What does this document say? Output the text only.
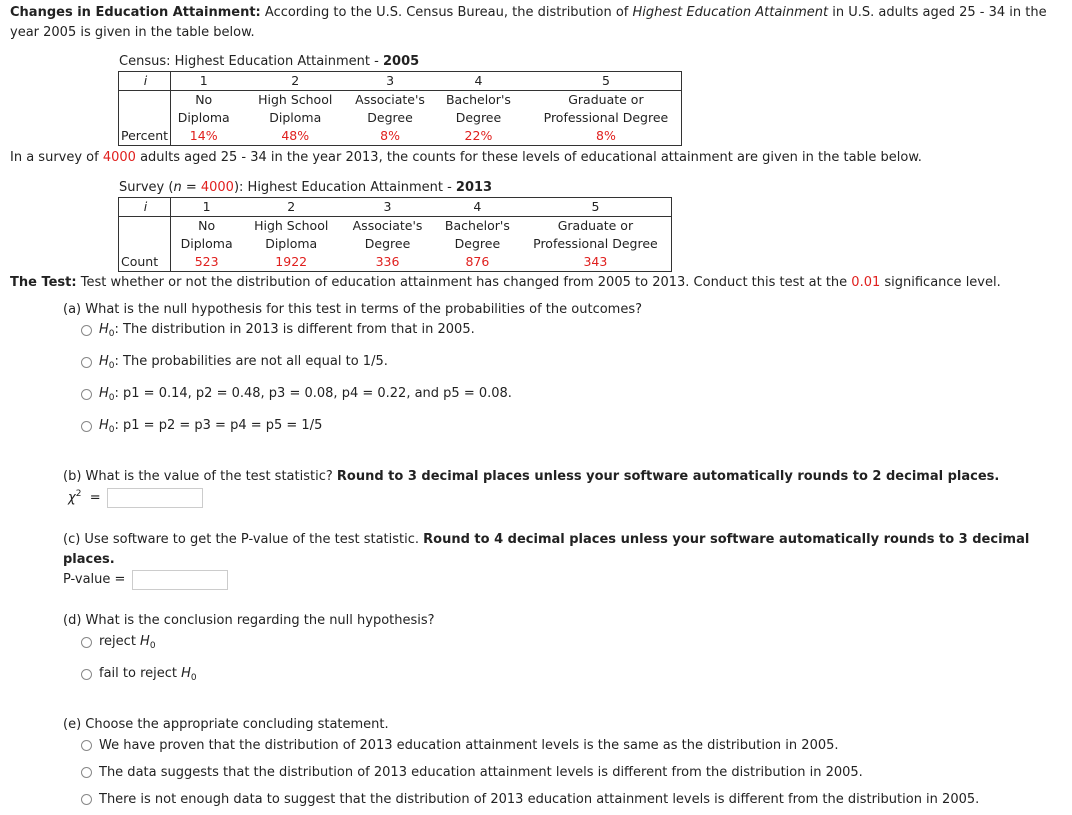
Changes in Education Attainment: According to the U.S. Census Bureau, the distribution of Highest Education Attainment in U.S. adults aged 25 - 34 in the year 2005 is given in the table below.
Census: Highest Education Attainment - 2005
i	1	2	3	4	5
	No	High School	Associate's	Bachelor's	Graduate or
	Diploma	Diploma	Degree	Degree	Professional Degree
Percent	14%	48%	8%	22%	8%
In a survey of 4000 adults aged 25 - 34 in the year 2013, the counts for these levels of educational attainment are given in the table below.
Survey (n = 4000): Highest Education Attainment - 2013
i	1	2	3	4	5
	No	High School	Associate's	Bachelor's	Graduate or
	Diploma	Diploma	Degree	Degree	Professional Degree
Count	523	1922	336	876	343
The Test: Test whether or not the distribution of education attainment has changed from 2005 to 2013. Conduct this test at the 0.01 significance level.
(a) What is the null hypothesis for this test in terms of the probabilities of the outcomes?
$H_0$: The distribution in 2013 is different from that in 2005.
$H_0$: The probabilities are not all equal to 1/5.
$H_0$: p1 = 0.14, p2 = 0.48, p3 = 0.08, p4 = 0.22, and p5 = 0.08.
$H_0$: p1 = p2 = p3 = p4 = p5 = 1/5
(b) What is the value of the test statistic? Round to 3 decimal places unless your software automatically rounds to 2 decimal places.
$\chi^2$ =
(c) Use software to get the P-value of the test statistic. Round to 4 decimal places unless your software automatically rounds to 3 decimal
places.
P-value =
(d) What is the conclusion regarding the null hypothesis?
reject $H_0$
fail to reject $H_0$
(e) Choose the appropriate concluding statement.
We have proven that the distribution of 2013 education attainment levels is the same as the distribution in 2005.
The data suggests that the distribution of 2013 education attainment levels is different from the distribution in 2005.
There is not enough data to suggest that the distribution of 2013 education attainment levels is different from the distribution in 2005.
